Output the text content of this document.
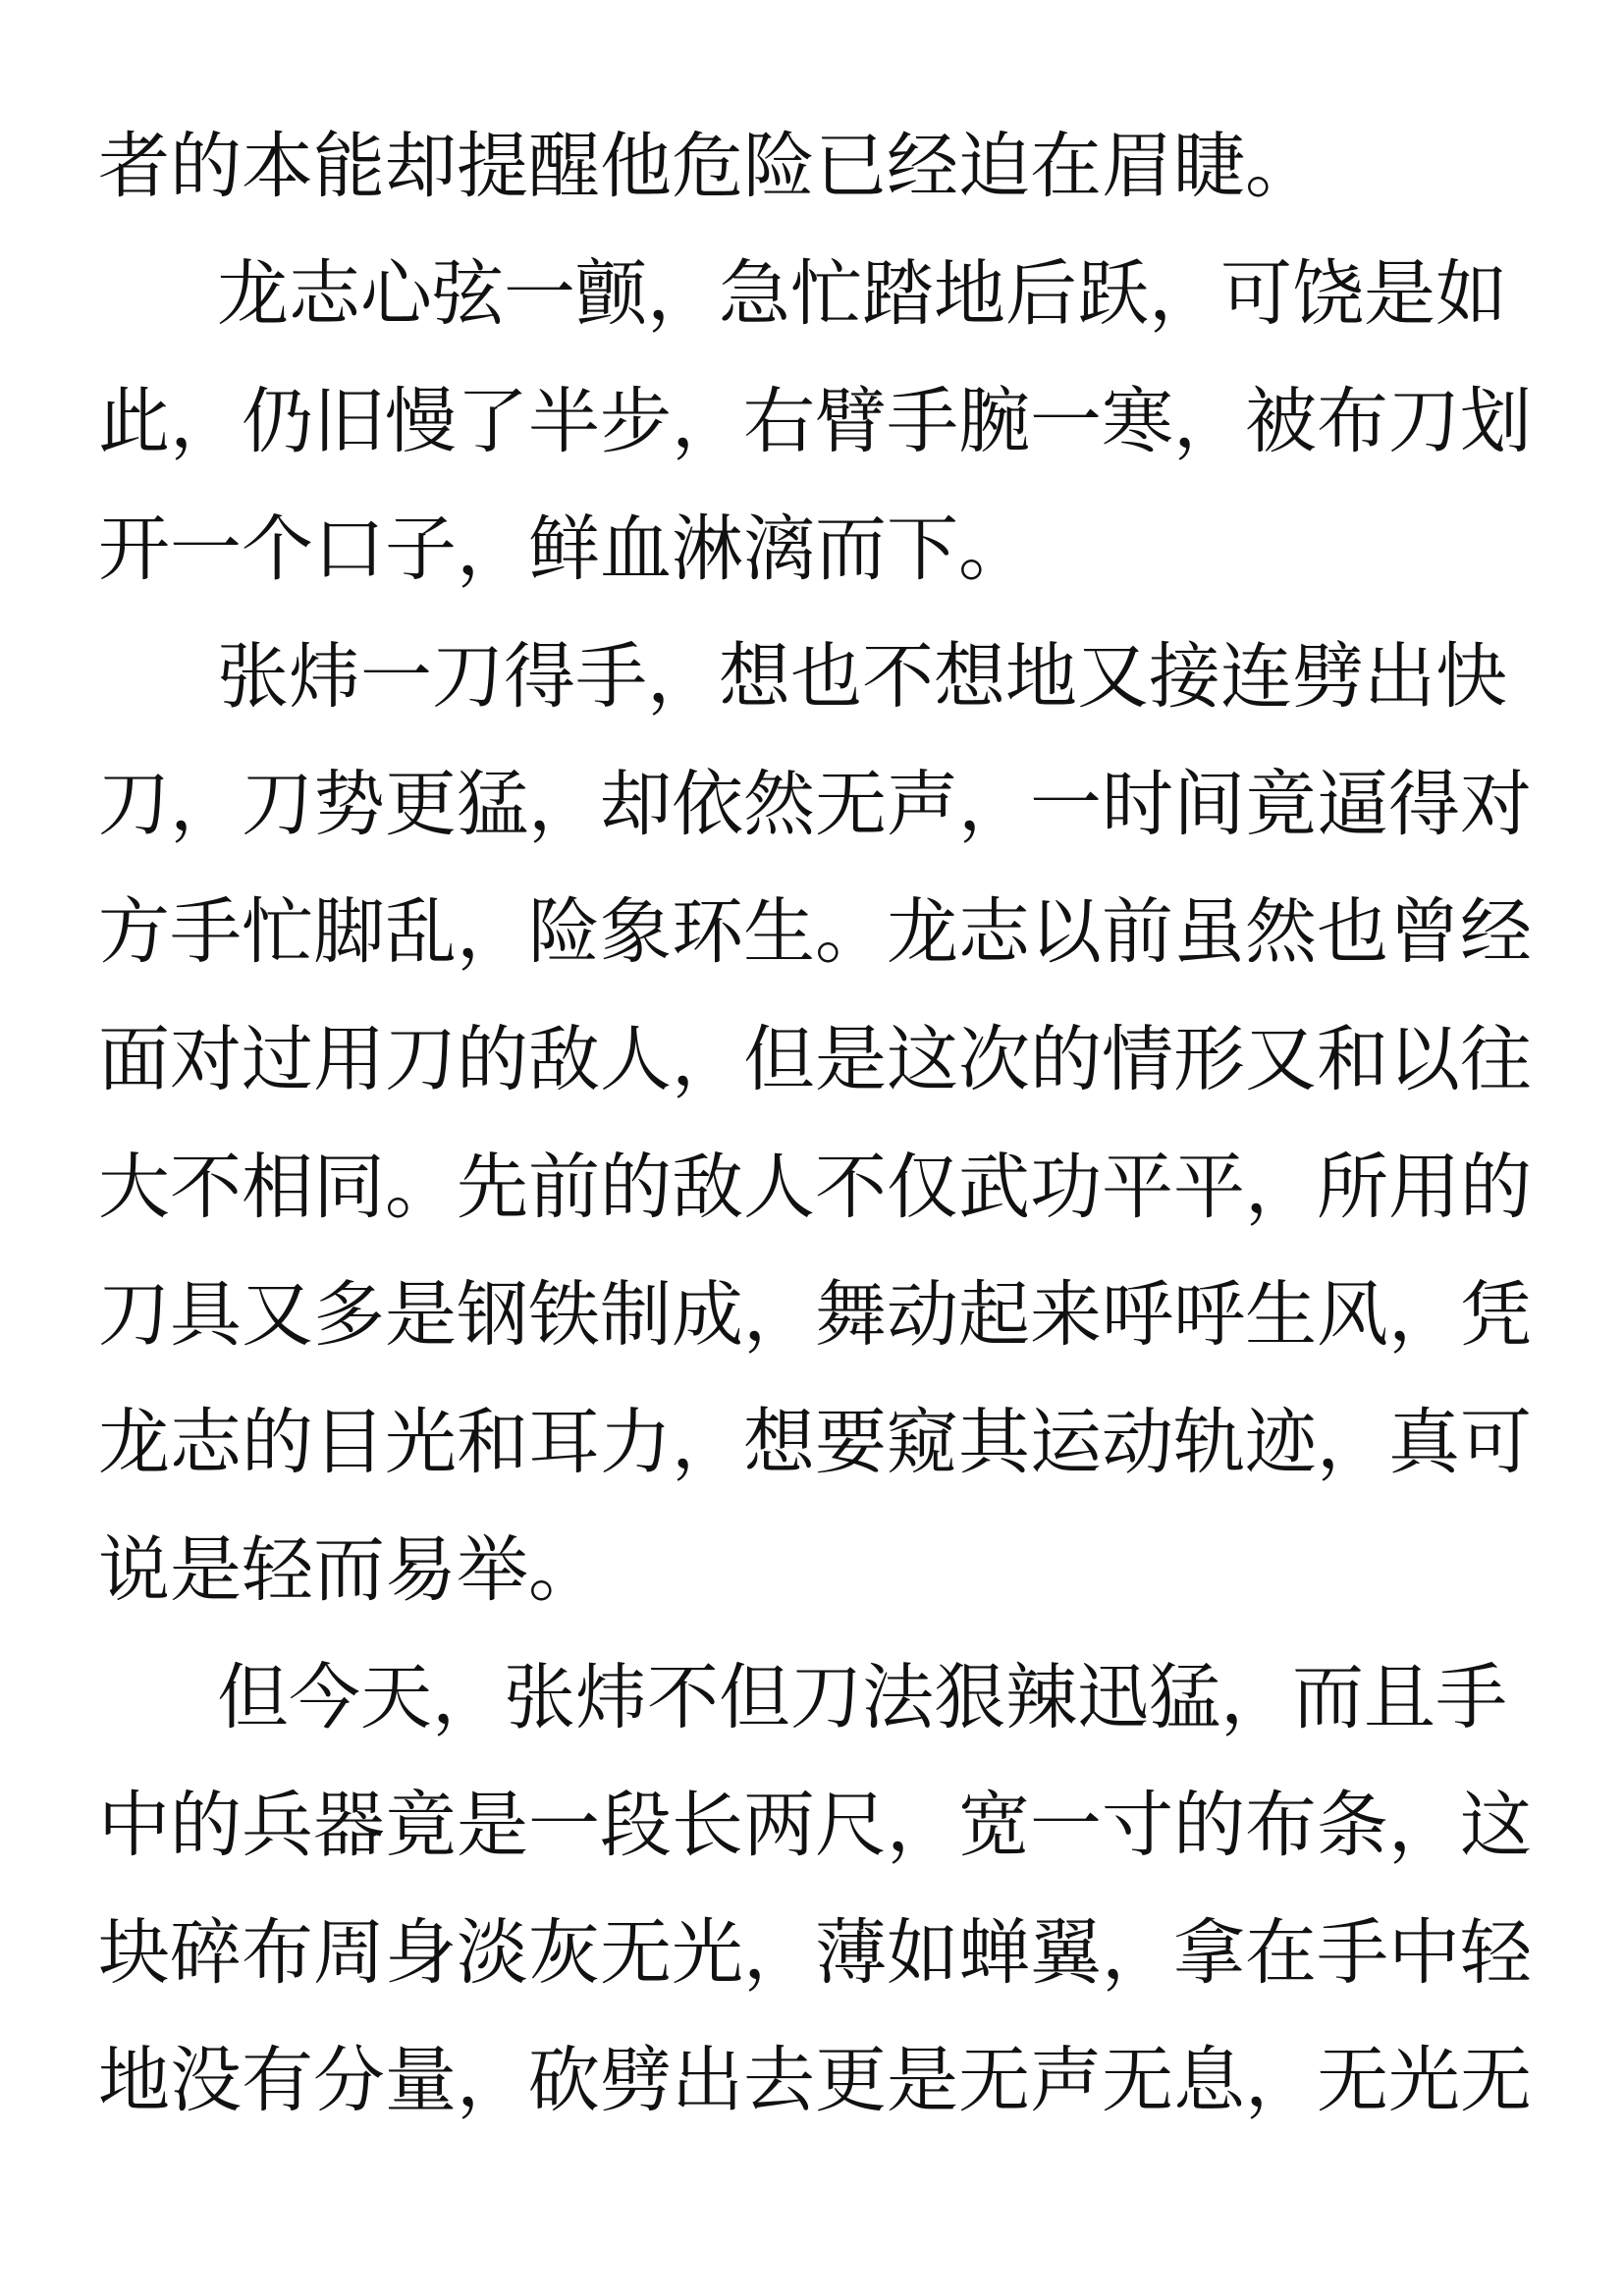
者的本能却提醒他危险已经迫在眉睫。
龙志心弦一颤，急忙踏地后跃，可饶是如
此，仍旧慢了半步，右臂手腕一寒，被布刀划
开一个口子，鲜血淋漓而下。
张炜一刀得手，想也不想地又接连劈出快
刀，刀势更猛，却依然无声，一时间竟逼得对
方手忙脚乱，险象环生。龙志以前虽然也曾经
面对过用刀的敌人，但是这次的情形又和以往
大不相同。先前的敌人不仅武功平平，所用的
刀具又多是钢铁制成，舞动起来呼呼生风，凭
龙志的目光和耳力，想要窥其运动轨迹，真可
说是轻而易举。
但今天，张炜不但刀法狠辣迅猛，而且手
中的兵器竟是一段长两尺，宽一寸的布条，这
块碎布周身淡灰无光，薄如蝉翼，拿在手中轻
地没有分量，砍劈出去更是无声无息，无光无
